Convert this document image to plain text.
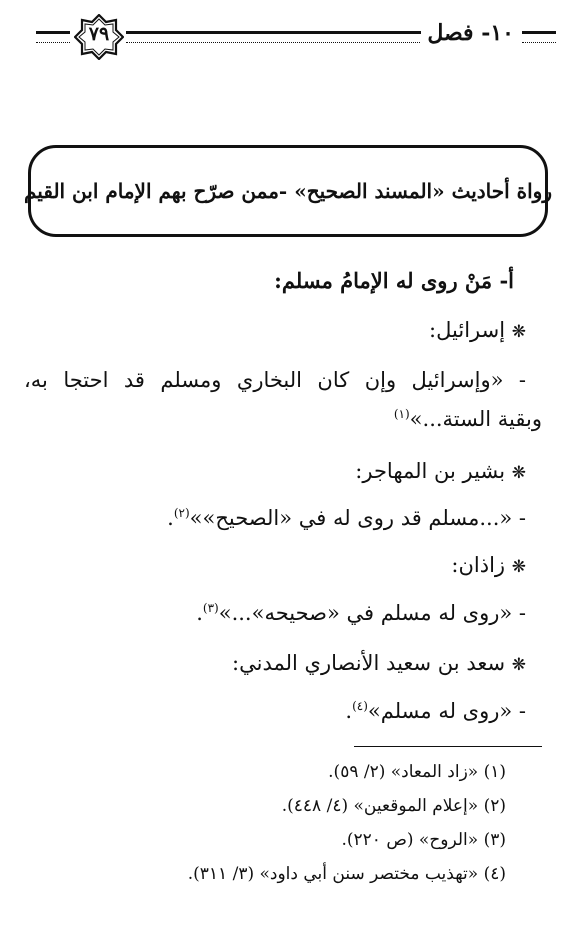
١٠- فصل
٧٩
رواة أحاديث «المسند الصحيح» -ممن صرّح بهم الإمام ابن القيم
أ- مَنْ روى له الإمامُ مسلم:
❋ إسرائيل:
- «وإسرائيل وإن كان البخاري ومسلم قد احتجا به،
وبقية الستة...»$^{(١)}$
❋ بشير بن المهاجر:
- «...مسلم قد روى له في «الصحيح»»$^{(٢)}$.
❋ زاذان:
- «روى له مسلم في «صحيحه»...»$^{(٣)}$.
❋ سعد بن سعيد الأنصاري المدني:
- «روى له مسلم»$^{(٤)}$.
(١) «زاد المعاد» (٢/ ٥٩).
(٢) «إعلام الموقعين» (٤/ ٤٤٨).
(٣) «الروح» (ص ٢٢٠).
(٤) «تهذيب مختصر سنن أبي داود» (٣/ ٣١١).
